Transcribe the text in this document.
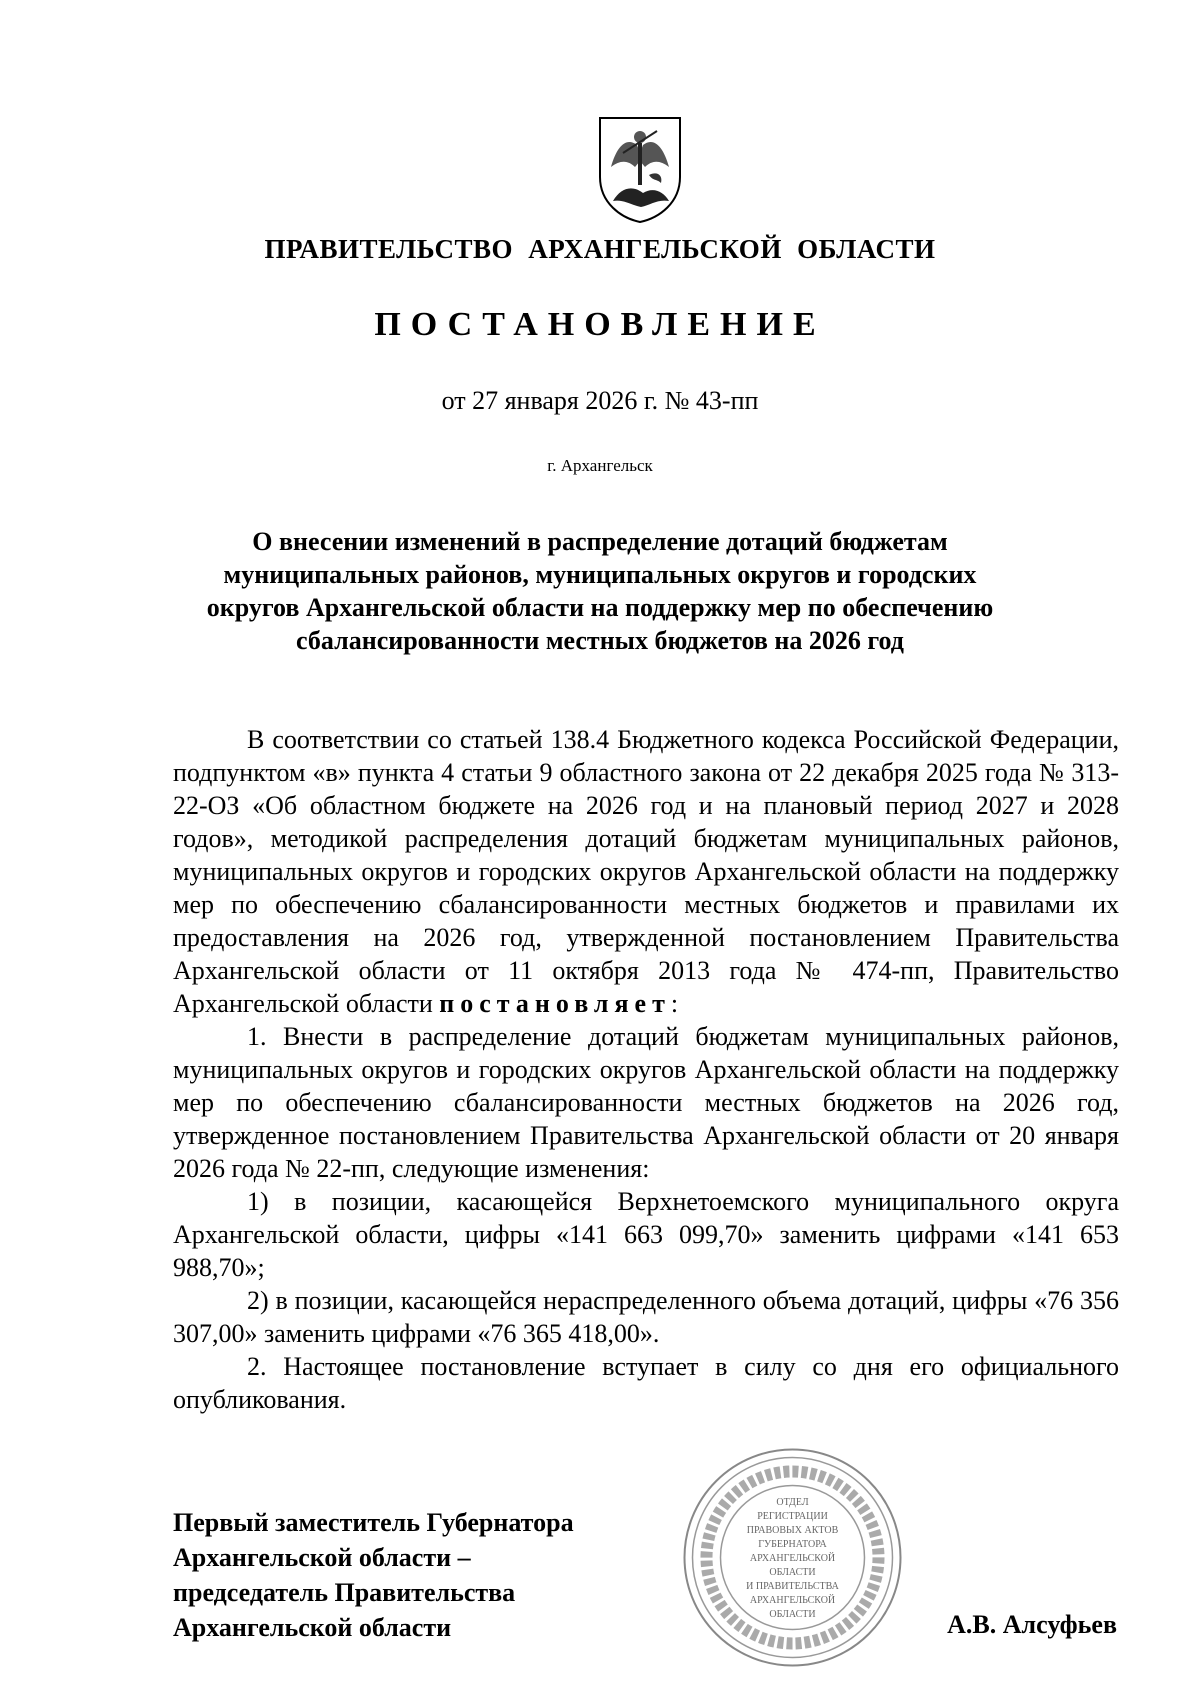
ПРАВИТЕЛЬСТВО АРХАНГЕЛЬСКОЙ ОБЛАСТИ
ПОСТАНОВЛЕНИЕ
от 27 января 2026 г. № 43-пп
г. Архангельск
О внесении изменений в распределение дотаций бюджетам
муниципальных районов, муниципальных округов и городских
округов Архангельской области на поддержку мер по обеспечению
сбалансированности местных бюджетов на 2026 год

В соответствии со статьей 138.4 Бюджетного кодекса Российской Федерации, подпунктом «в» пункта 4 статьи 9 областного закона от 22 декабря 2025 года № 313-22-ОЗ «Об областном бюджете на 2026 год и на плановый период 2027 и 2028 годов», методикой распределения дотаций бюджетам муниципальных районов, муниципальных округов и городских округов Архангельской области на поддержку мер по обеспечению сбалансированности местных бюджетов и правилами их предоставления на 2026 год, утвержденной постановлением Правительства Архангельской области от 11 октября 2013 года № 474-пп, Правительство Архангельской области постановляет:

1. Внести в распределение дотаций бюджетам муниципальных районов, муниципальных округов и городских округов Архангельской области на поддержку мер по обеспечению сбалансированности местных бюджетов на 2026 год, утвержденное постановлением Правительства Архангельской области от 20 января 2026 года № 22-пп, следующие изменения:

1) в позиции, касающейся Верхнетоемского муниципального округа Архангельской области, цифры «141 663 099,70» заменить цифрами «141 653 988,70»;

2) в позиции, касающейся нераспределенного объема дотаций, цифры «76 356 307,00» заменить цифрами «76 365 418,00».

2. Настоящее постановление вступает в силу со дня его официального опубликования.

Первый заместитель Губернатора
Архангельской области –
председатель Правительства
Архангельской области
ОТДЕЛ
РЕГИСТРАЦИИ
ПРАВОВЫХ АКТОВ
ГУБЕРНАТОРА
АРХАНГЕЛЬСКОЙ
ОБЛАСТИ
И ПРАВИТЕЛЬСТВА
АРХАНГЕЛЬСКОЙ
ОБЛАСТИ	А.В. Алсуфьев
